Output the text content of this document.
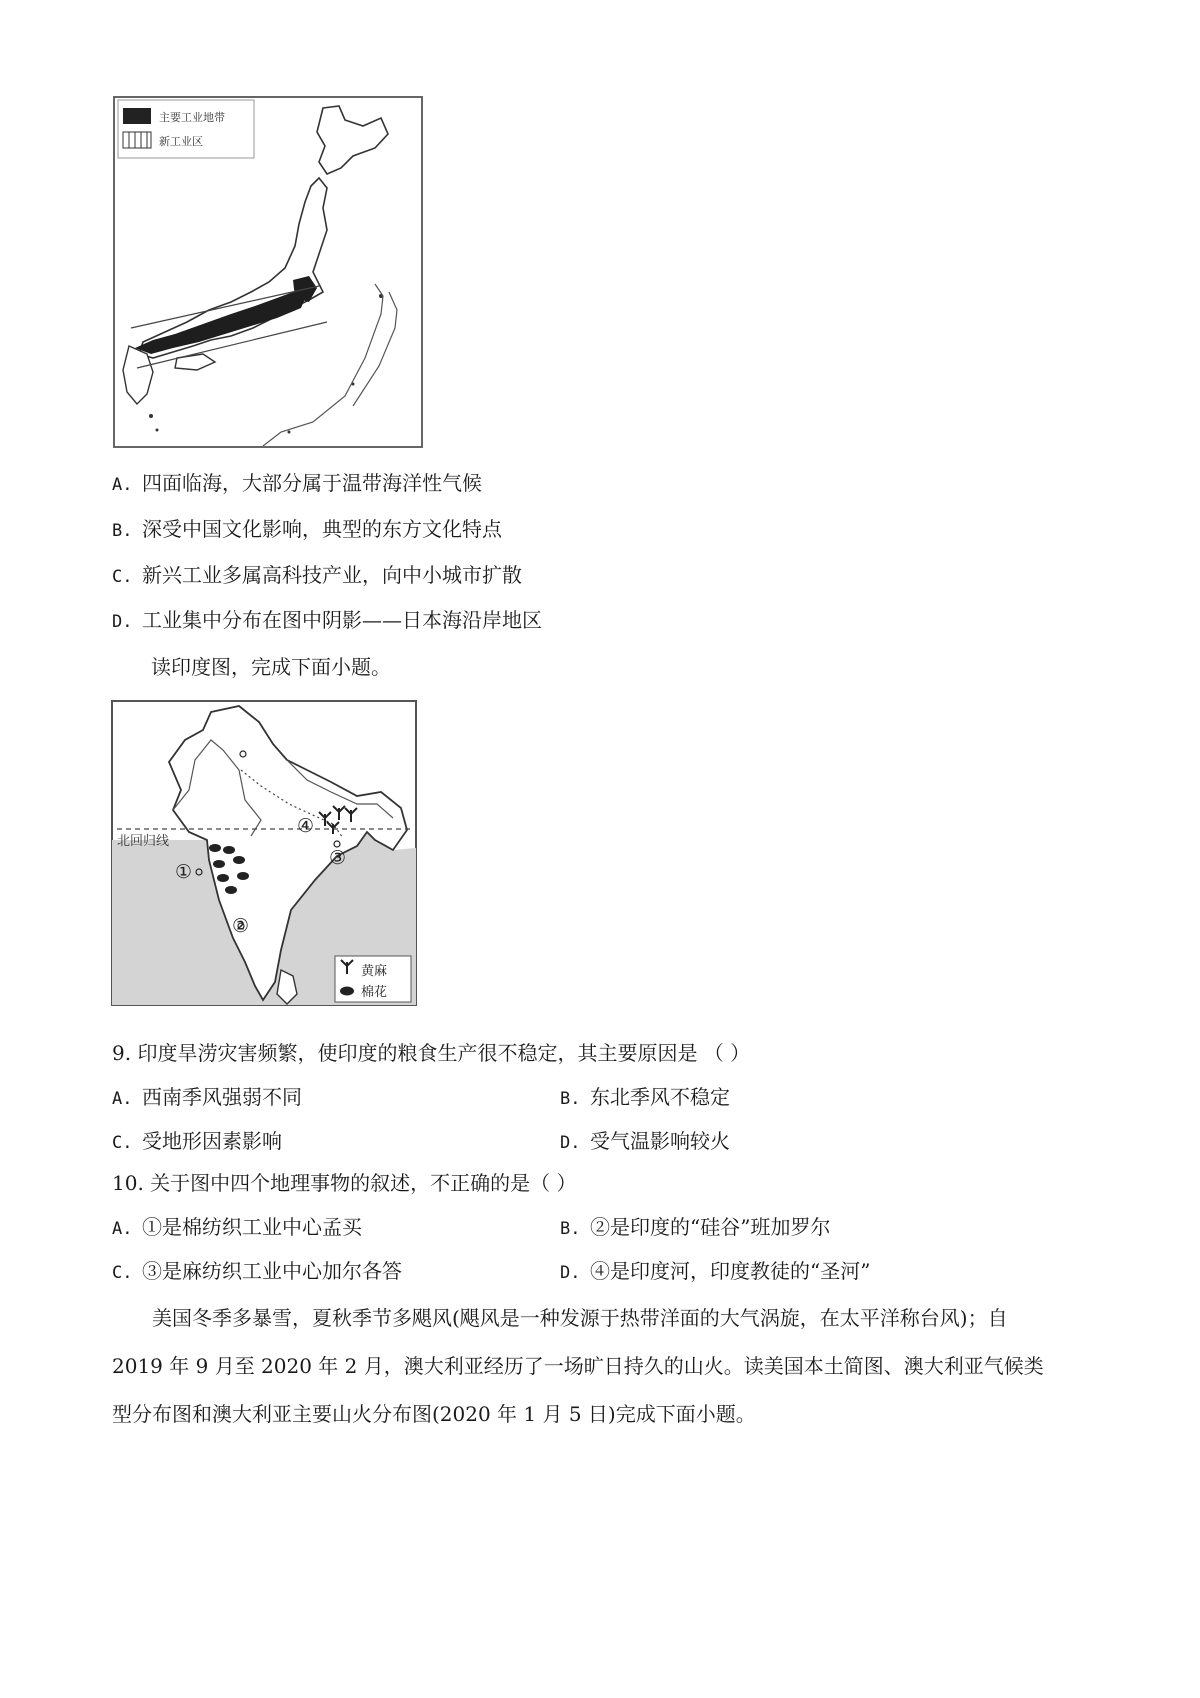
主要工业地带
新工业区
A. 四面临海，大部分属于温带海洋性气候
B. 深受中国文化影响，典型的东方文化特点
C. 新兴工业多属高科技产业，向中小城市扩散
D. 工业集中分布在图中阴影——日本海沿岸地区
读印度图，完成下面小题。
北回归线
①
②
③
④
黄麻
棉花
9. 印度旱涝灾害频繁，使印度的粮食生产很不稳定，其主要原因是 （ ）
A. 西南季风强弱不同	B. 东北季风不稳定
C. 受地形因素影响	D. 受气温影响较火
10. 关于图中四个地理事物的叙述，不正确的是（ ）
A. ①是棉纺织工业中心孟买	B. ②是印度的“硅谷”班加罗尔
C. ③是麻纺织工业中心加尔各答	D. ④是印度河，印度教徒的“圣河”
美国冬季多暴雪，夏秋季节多飓风(飓风是一种发源于热带洋面的大气涡旋，在太平洋称台风)；自 2019 年 9 月至 2020 年 2 月，澳大利亚经历了一场旷日持久的山火。读美国本土简图、澳大利亚气候类型分布图和澳大利亚主要山火分布图(2020 年 1 月 5 日)完成下面小题。
